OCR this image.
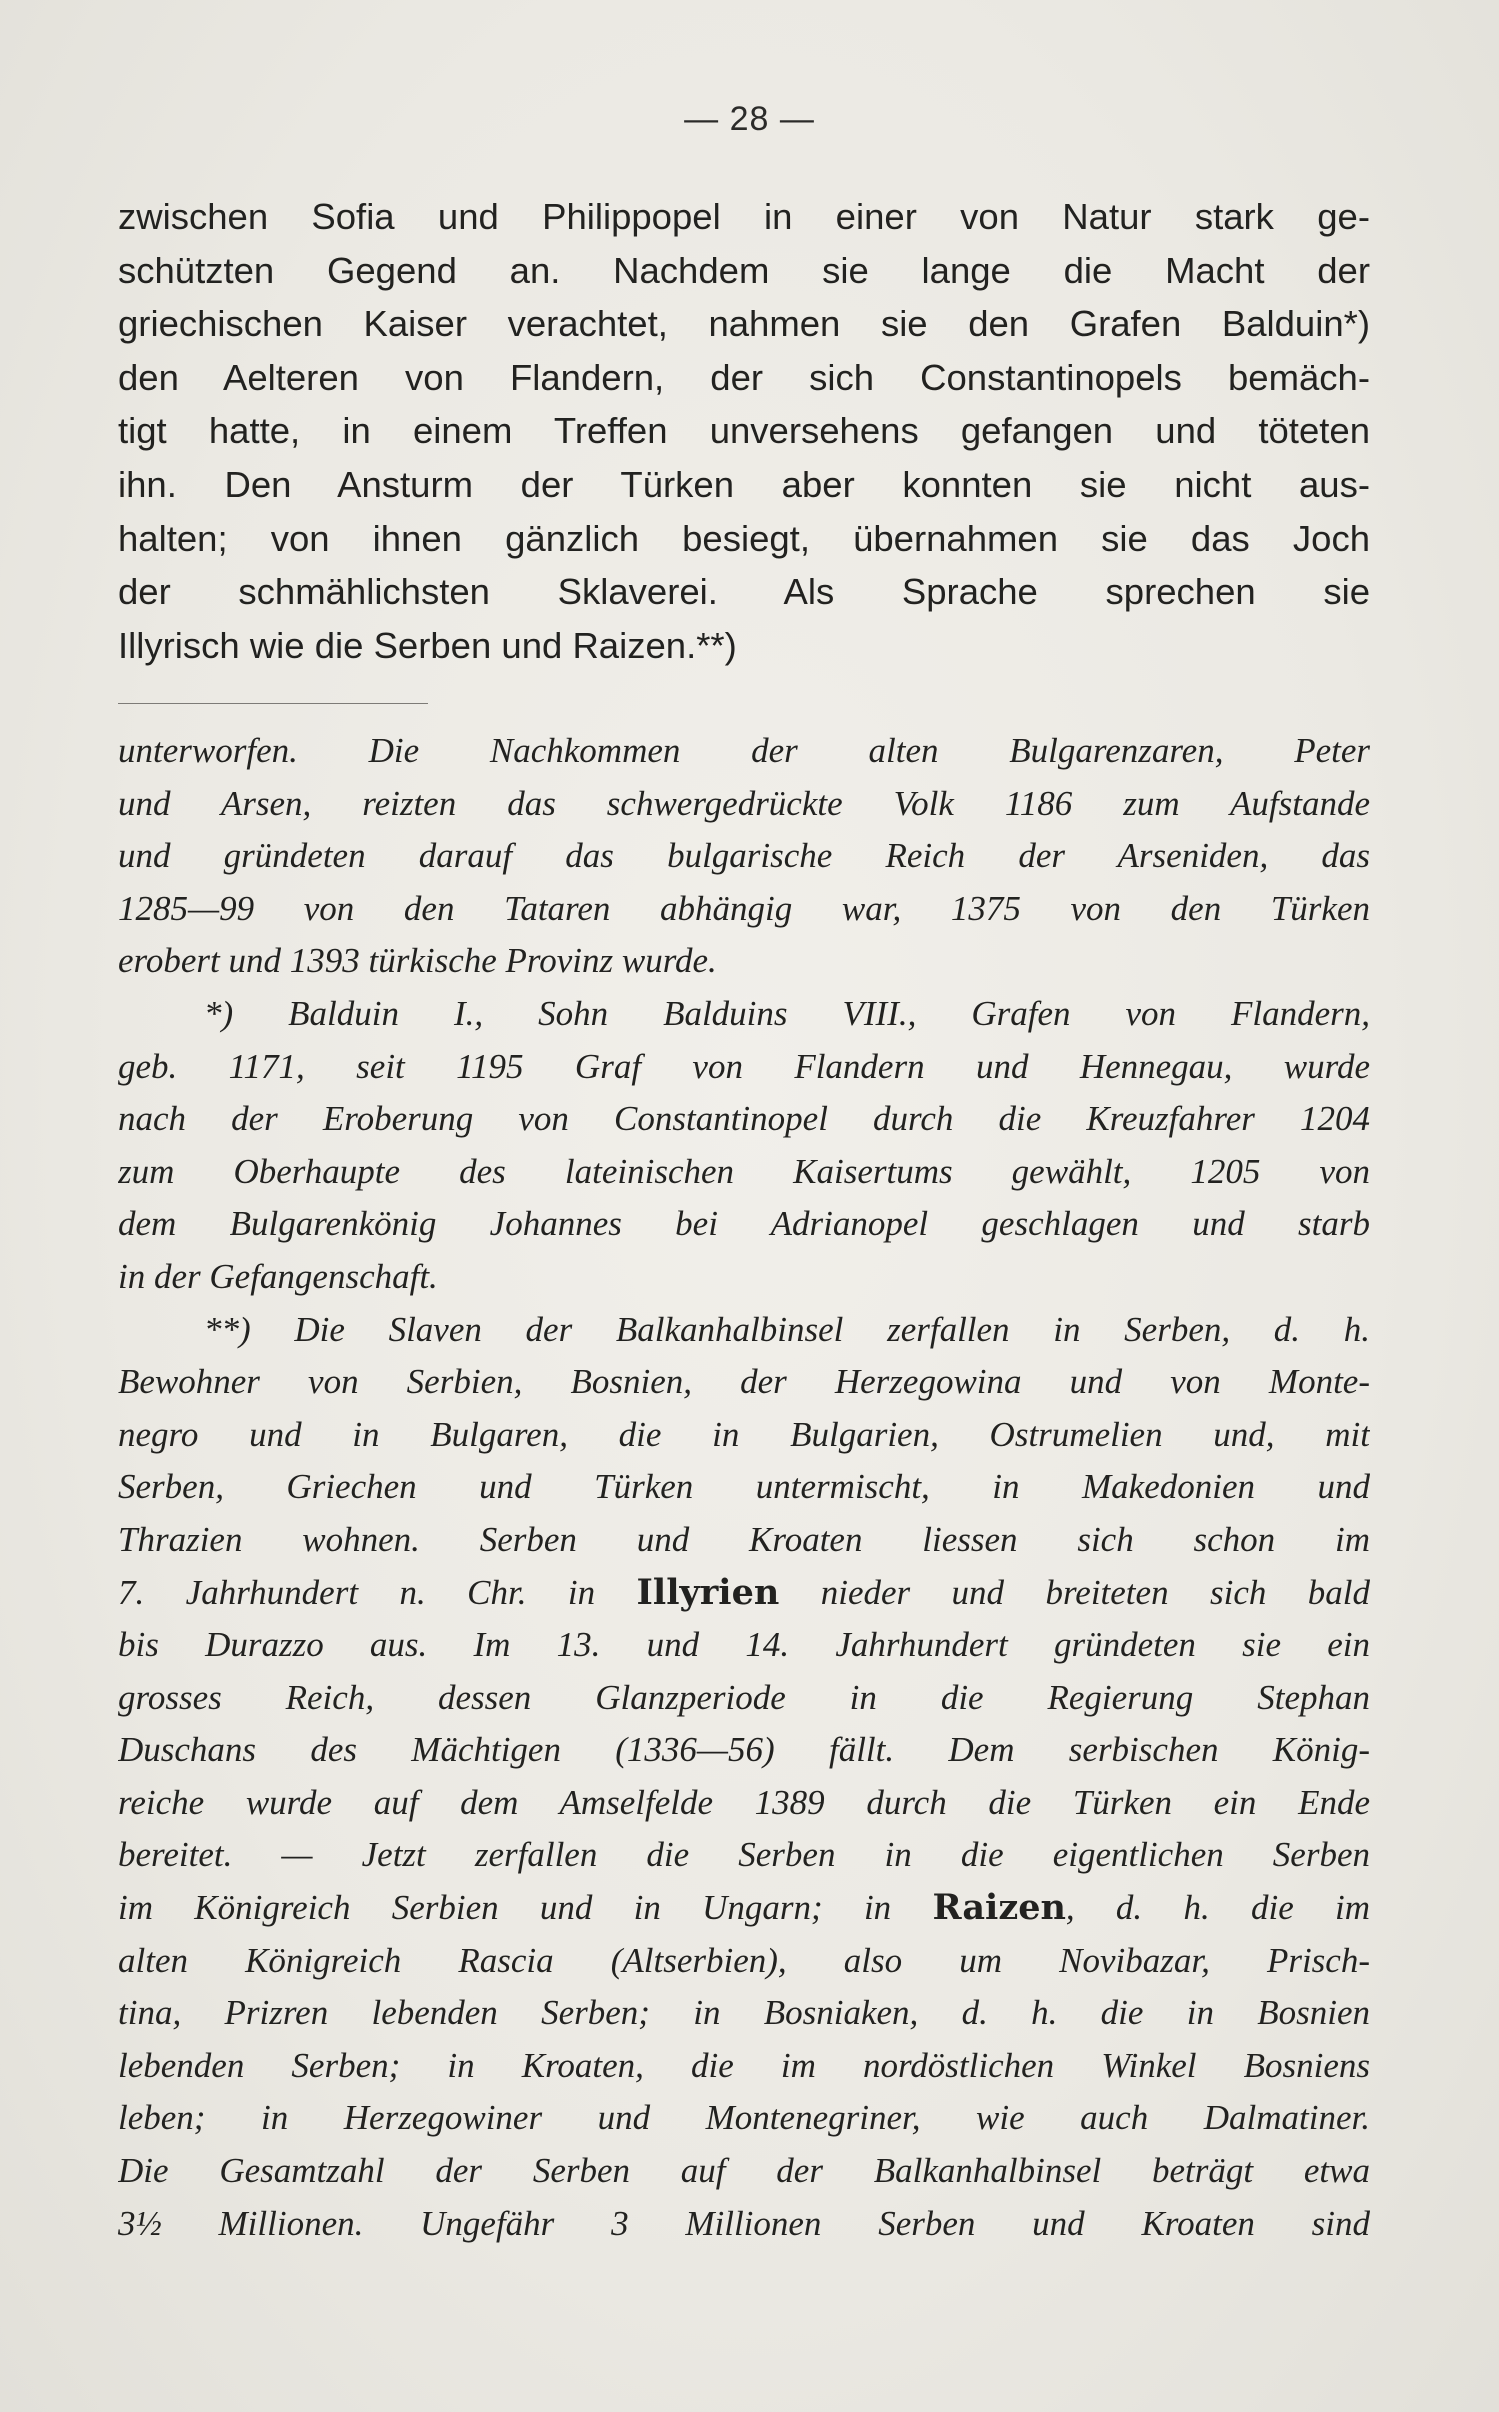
— 28 —
zwischen Sofia und Philippopel in einer von Natur stark ge-
schützten Gegend an. Nachdem sie lange die Macht der
griechischen Kaiser verachtet, nahmen sie den Grafen Balduin*)
den Aelteren von Flandern, der sich Constantinopels bemäch-
tigt hatte, in einem Treffen unversehens gefangen und töteten
ihn. Den Ansturm der Türken aber konnten sie nicht aus-
halten; von ihnen gänzlich besiegt, übernahmen sie das Joch
der schmählichsten Sklaverei. Als Sprache sprechen sie
Illyrisch wie die Serben und Raizen.**)
unterworfen. Die Nachkommen der alten Bulgarenzaren, Peter
und Arsen, reizten das schwergedrückte Volk 1186 zum Aufstande
und gründeten darauf das bulgarische Reich der Arseniden, das
1285—99 von den Tataren abhängig war, 1375 von den Türken
erobert und 1393 türkische Provinz wurde.
*) Balduin I., Sohn Balduins VIII., Grafen von Flandern,
geb. 1171, seit 1195 Graf von Flandern und Hennegau, wurde
nach der Eroberung von Constantinopel durch die Kreuzfahrer 1204
zum Oberhaupte des lateinischen Kaisertums gewählt, 1205 von
dem Bulgarenkönig Johannes bei Adrianopel geschlagen und starb
in der Gefangenschaft.
**) Die Slaven der Balkanhalbinsel zerfallen in Serben, d. h.
Bewohner von Serbien, Bosnien, der Herzegowina und von Monte-
negro und in Bulgaren, die in Bulgarien, Ostrumelien und, mit
Serben, Griechen und Türken untermischt, in Makedonien und
Thrazien wohnen. Serben und Kroaten liessen sich schon im
7. Jahrhundert n. Chr. in Illyrien nieder und breiteten sich bald
bis Durazzo aus. Im 13. und 14. Jahrhundert gründeten sie ein
grosses Reich, dessen Glanzperiode in die Regierung Stephan
Duschans des Mächtigen (1336—56) fällt. Dem serbischen König-
reiche wurde auf dem Amselfelde 1389 durch die Türken ein Ende
bereitet. — Jetzt zerfallen die Serben in die eigentlichen Serben
im Königreich Serbien und in Ungarn; in Raizen, d. h. die im
alten Königreich Rascia (Altserbien), also um Novibazar, Prisch-
tina, Prizren lebenden Serben; in Bosniaken, d. h. die in Bosnien
lebenden Serben; in Kroaten, die im nordöstlichen Winkel Bosniens
leben; in Herzegowiner und Montenegriner, wie auch Dalmatiner.
Die Gesamtzahl der Serben auf der Balkanhalbinsel beträgt etwa
3½ Millionen. Ungefähr 3 Millionen Serben und Kroaten sind
